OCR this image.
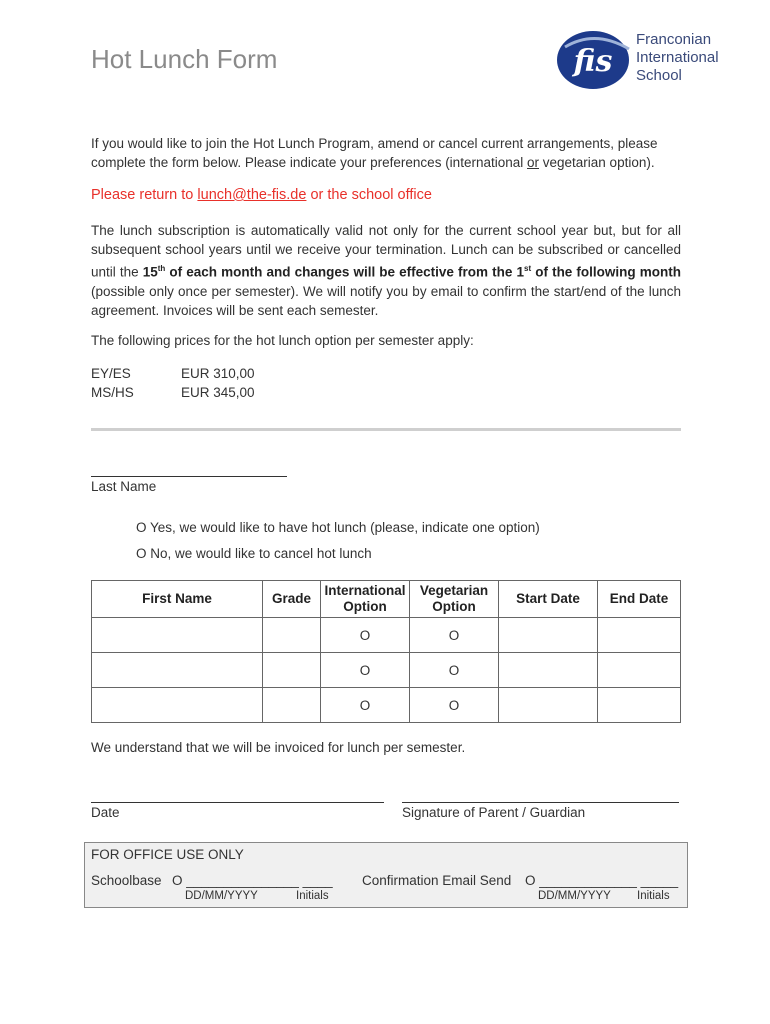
Hot Lunch Form	fis
Franconian
International
School
If you would like to join the Hot Lunch Program, amend or cancel current arrangements, please complete the form below. Please indicate your preferences (international or vegetarian option).
Please return to lunch@the-fis.de or the school office
The lunch subscription is automatically valid not only for the current school year but, but for all subsequent school years until we receive your termination. Lunch can be subscribed or cancelled until the 15th of each month and changes will be effective from the 1st of the following month (possible only once per semester). We will notify you by email to confirm the start/end of the lunch agreement. Invoices will be sent each semester.
The following prices for the hot lunch option per semester apply:
EY/ES	EUR 310,00
MS/HS	EUR 345,00
Last Name
O Yes, we would like to have hot lunch (please, indicate one option)
O No, we would like to cancel hot lunch
First Name	Grade	International Option	Vegetarian Option	Start Date	End Date
		O	O		
		O	O		
		O	O		
We understand that we will be invoiced for lunch per semester.
Date	Signature of Parent / Guardian
FOR OFFICE USE ONLY
Schoolbase O _______________ ____
DD/MM/YYYY	Initials
Confirmation Email Send O _____________ _____
DD/MM/YYYY Initials
